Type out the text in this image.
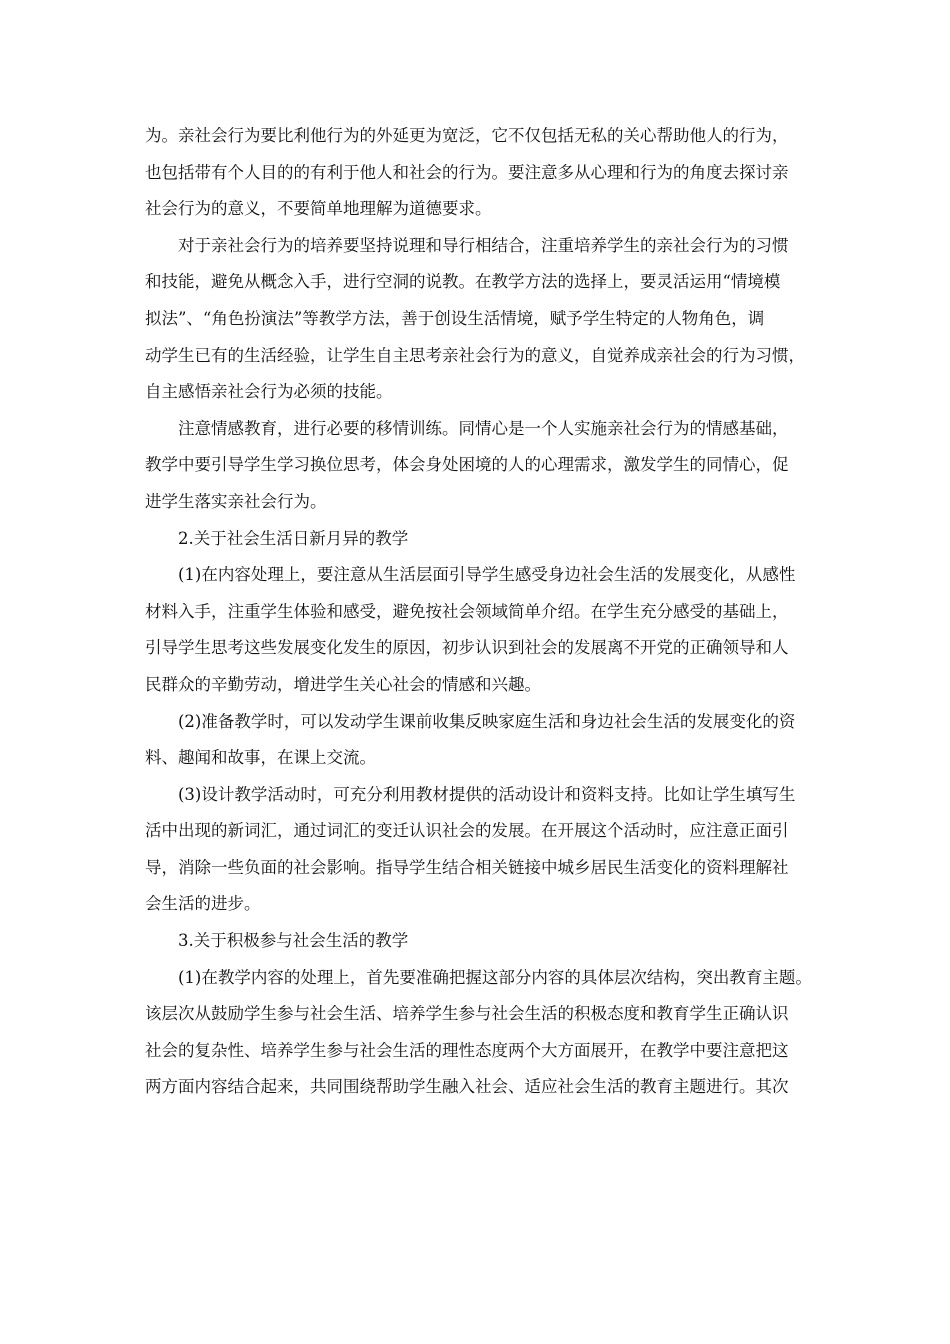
为。亲社会行为要比利他行为的外延更为宽泛，它不仅包括无私的关心帮助他人的行为，
也包括带有个人目的的有利于他人和社会的行为。要注意多从心理和行为的角度去探讨亲
社会行为的意义，不要简单地理解为道德要求。
对于亲社会行为的培养要坚持说理和导行相结合，注重培养学生的亲社会行为的习惯
和技能，避免从概念入手，进行空洞的说教。在教学方法的选择上，要灵活运用“情境模
拟法”、“角色扮演法”等教学方法，善于创设生活情境，赋予学生特定的人物角色，调
动学生已有的生活经验，让学生自主思考亲社会行为的意义，自觉养成亲社会的行为习惯，
自主感悟亲社会行为必须的技能。
注意情感教育，进行必要的移情训练。同情心是一个人实施亲社会行为的情感基础，
教学中要引导学生学习换位思考，体会身处困境的人的心理需求，激发学生的同情心，促
进学生落实亲社会行为。
2.关于社会生活日新月异的教学
(1)在内容处理上，要注意从生活层面引导学生感受身边社会生活的发展变化，从感性
材料入手，注重学生体验和感受，避免按社会领域简单介绍。在学生充分感受的基础上，
引导学生思考这些发展变化发生的原因，初步认识到社会的发展离不开党的正确领导和人
民群众的辛勤劳动，增进学生关心社会的情感和兴趣。
(2)准备教学时，可以发动学生课前收集反映家庭生活和身边社会生活的发展变化的资
料、趣闻和故事，在课上交流。
(3)设计教学活动时，可充分利用教材提供的活动设计和资料支持。比如让学生填写生
活中出现的新词汇，通过词汇的变迁认识社会的发展。在开展这个活动时，应注意正面引
导，消除一些负面的社会影响。指导学生结合相关链接中城乡居民生活变化的资料理解社
会生活的进步。
3.关于积极参与社会生活的教学
(1)在教学内容的处理上，首先要准确把握这部分内容的具体层次结构，突出教育主题。
该层次从鼓励学生参与社会生活、培养学生参与社会生活的积极态度和教育学生正确认识
社会的复杂性、培养学生参与社会生活的理性态度两个大方面展开，在教学中要注意把这
两方面内容结合起来，共同围绕帮助学生融入社会、适应社会生活的教育主题进行。其次
